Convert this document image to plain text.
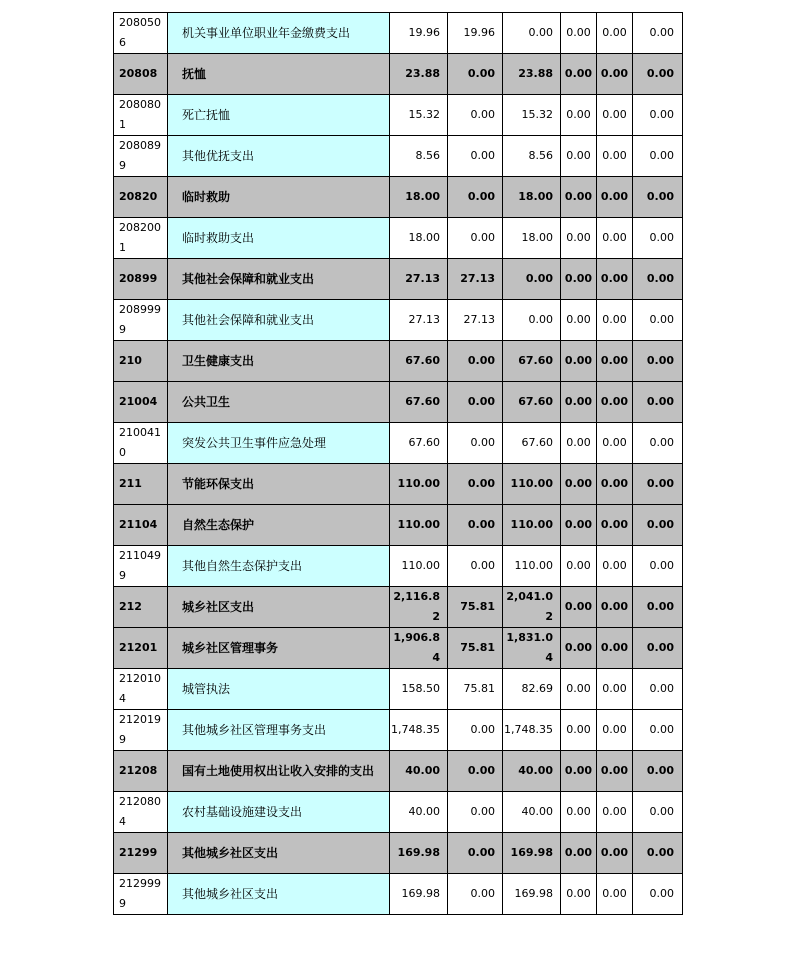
2080506	机关事业单位职业年金缴费支出	19.96	19.96	0.00	0.00	0.00	0.00
20808	抚恤	23.88	0.00	23.88	0.00	0.00	0.00
2080801	死亡抚恤	15.32	0.00	15.32	0.00	0.00	0.00
2080899	其他优抚支出	8.56	0.00	8.56	0.00	0.00	0.00
20820	临时救助	18.00	0.00	18.00	0.00	0.00	0.00
2082001	临时救助支出	18.00	0.00	18.00	0.00	0.00	0.00
20899	其他社会保障和就业支出	27.13	27.13	0.00	0.00	0.00	0.00
2089999	其他社会保障和就业支出	27.13	27.13	0.00	0.00	0.00	0.00
210	卫生健康支出	67.60	0.00	67.60	0.00	0.00	0.00
21004	公共卫生	67.60	0.00	67.60	0.00	0.00	0.00
2100410	突发公共卫生事件应急处理	67.60	0.00	67.60	0.00	0.00	0.00
211	节能环保支出	110.00	0.00	110.00	0.00	0.00	0.00
21104	自然生态保护	110.00	0.00	110.00	0.00	0.00	0.00
2110499	其他自然生态保护支出	110.00	0.00	110.00	0.00	0.00	0.00
212	城乡社区支出	2,116.82	75.81	2,041.02	0.00	0.00	0.00
21201	城乡社区管理事务	1,906.84	75.81	1,831.04	0.00	0.00	0.00
2120104	城管执法	158.50	75.81	82.69	0.00	0.00	0.00
2120199	其他城乡社区管理事务支出	1,748.35	0.00	1,748.35	0.00	0.00	0.00
21208	国有土地使用权出让收入安排的支出	40.00	0.00	40.00	0.00	0.00	0.00
2120804	农村基础设施建设支出	40.00	0.00	40.00	0.00	0.00	0.00
21299	其他城乡社区支出	169.98	0.00	169.98	0.00	0.00	0.00
2129999	其他城乡社区支出	169.98	0.00	169.98	0.00	0.00	0.00
